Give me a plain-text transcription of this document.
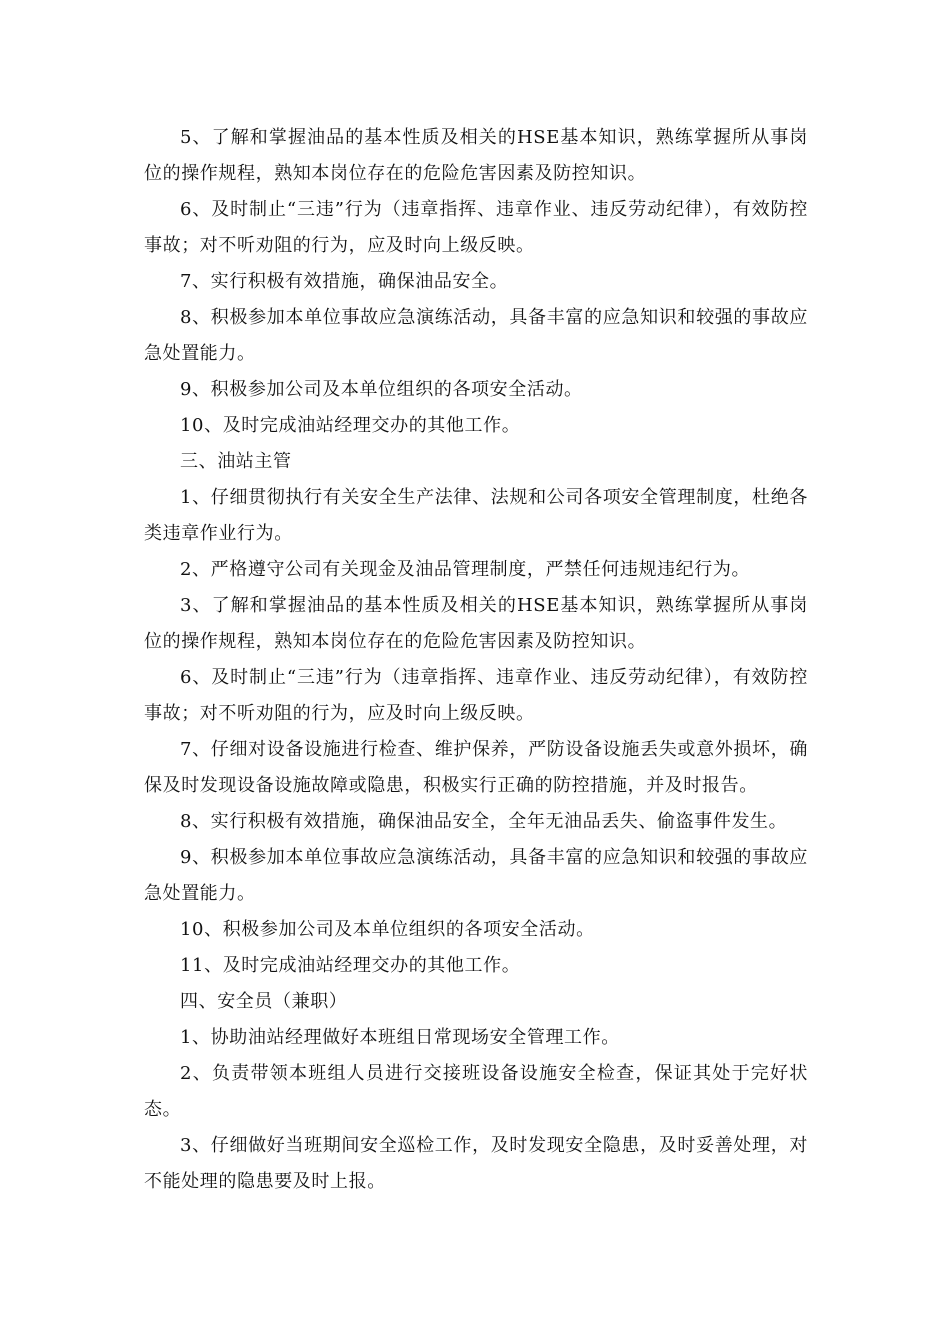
5、了解和掌握油品的基本性质及相关的HSE基本知识，熟练掌握所从事岗位的操作规程，熟知本岗位存在的危险危害因素及防控知识。

6、及时制止“三违”行为（违章指挥、违章作业、违反劳动纪律），有效防控事故；对不听劝阻的行为，应及时向上级反映。

7、实行积极有效措施，确保油品安全。

8、积极参加本单位事故应急演练活动，具备丰富的应急知识和较强的事故应急处置能力。

9、积极参加公司及本单位组织的各项安全活动。

10、及时完成油站经理交办的其他工作。

三、油站主管

1、仔细贯彻执行有关安全生产法律、法规和公司各项安全管理制度，杜绝各类违章作业行为。

2、严格遵守公司有关现金及油品管理制度，严禁任何违规违纪行为。

3、了解和掌握油品的基本性质及相关的HSE基本知识，熟练掌握所从事岗位的操作规程，熟知本岗位存在的危险危害因素及防控知识。

6、及时制止“三违”行为（违章指挥、违章作业、违反劳动纪律），有效防控事故；对不听劝阻的行为，应及时向上级反映。

7、仔细对设备设施进行检查、维护保养，严防设备设施丢失或意外损坏，确保及时发现设备设施故障或隐患，积极实行正确的防控措施，并及时报告。

8、实行积极有效措施，确保油品安全，全年无油品丢失、偷盗事件发生。

9、积极参加本单位事故应急演练活动，具备丰富的应急知识和较强的事故应急处置能力。

10、积极参加公司及本单位组织的各项安全活动。

11、及时完成油站经理交办的其他工作。

四、安全员（兼职）

1、协助油站经理做好本班组日常现场安全管理工作。

2、负责带领本班组人员进行交接班设备设施安全检查，保证其处于完好状态。

3、仔细做好当班期间安全巡检工作，及时发现安全隐患，及时妥善处理，对不能处理的隐患要及时上报。
